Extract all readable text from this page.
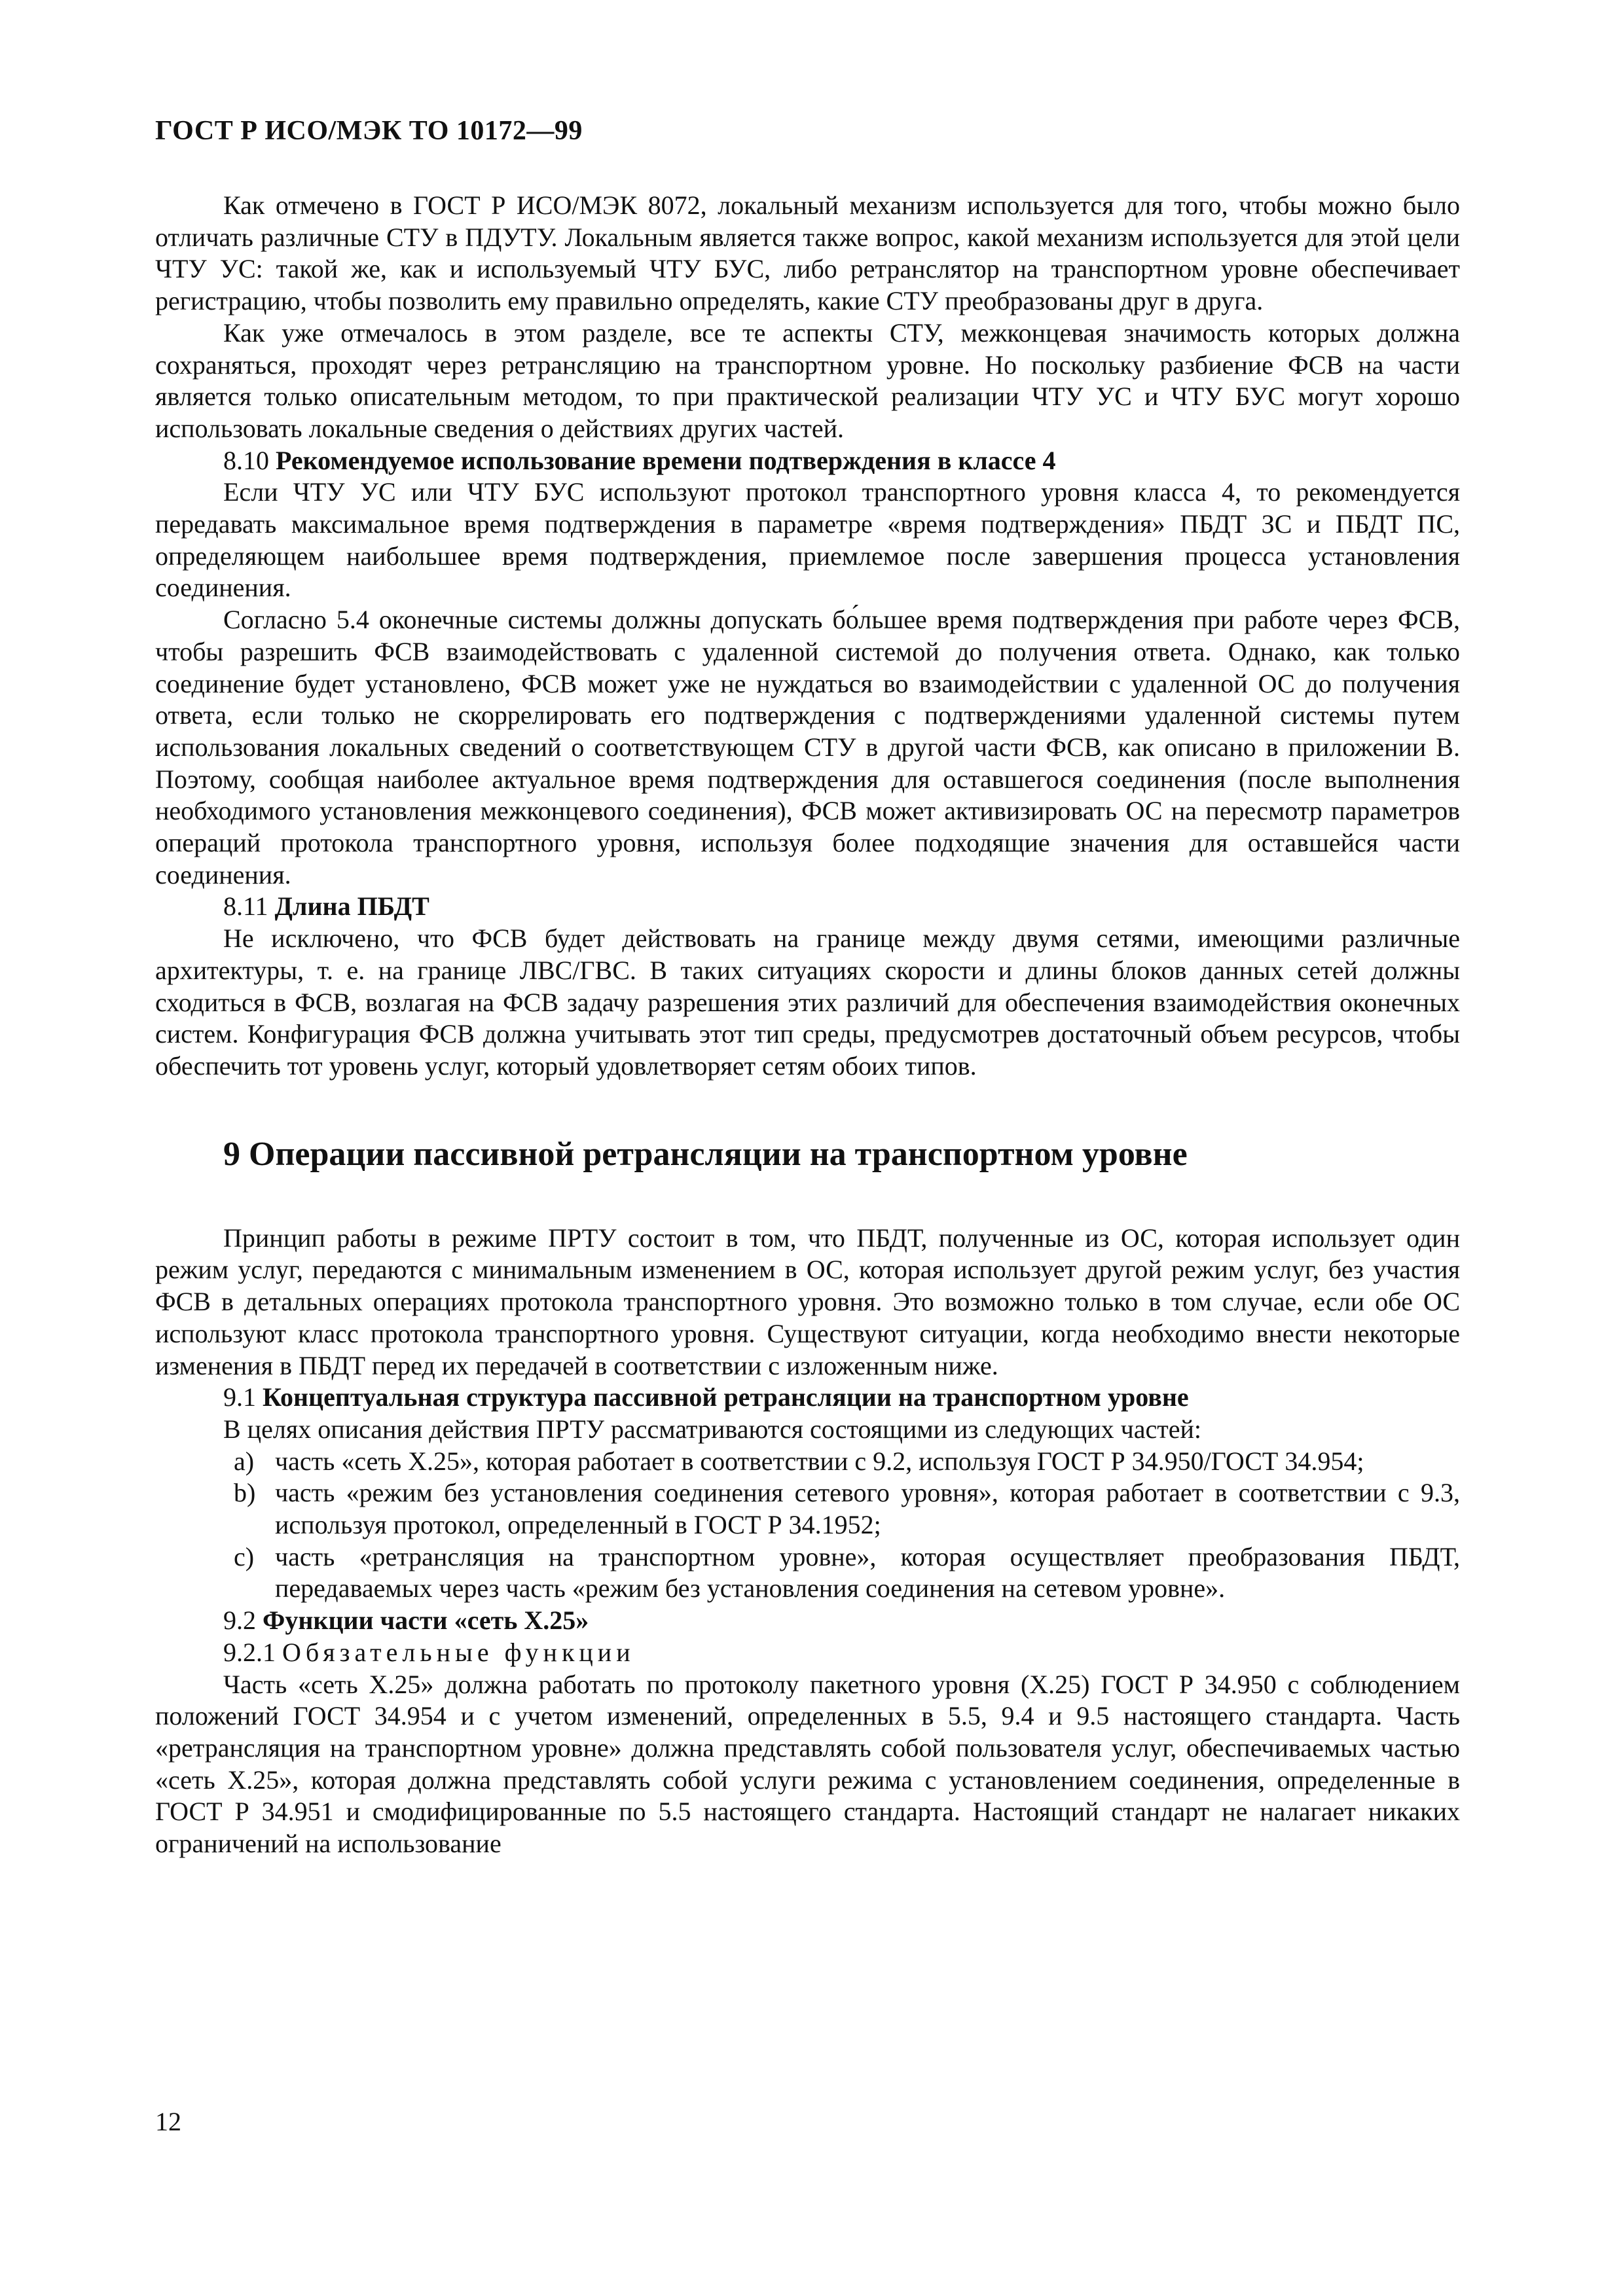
ГОСТ Р ИСО/МЭК ТО 10172—99

Как отмечено в ГОСТ Р ИСО/МЭК 8072, локальный механизм используется для того, чтобы можно было отличать различные СТУ в ПДУТУ. Локальным является также вопрос, какой механизм используется для этой цели ЧТУ УС: такой же, как и используемый ЧТУ БУС, либо ретранслятор на транспортном уровне обеспечивает регистрацию, чтобы позволить ему правильно определять, какие СТУ преобразованы друг в друга.

Как уже отмечалось в этом разделе, все те аспекты СТУ, межконцевая значимость которых должна сохраняться, проходят через ретрансляцию на транспортном уровне. Но поскольку разбиение ФСВ на части является только описательным методом, то при практической реализации ЧТУ УС и ЧТУ БУС могут хорошо использовать локальные сведения о действиях других частей.

8.10 Рекомендуемое использование времени подтверждения в классе 4

Если ЧТУ УС или ЧТУ БУС используют протокол транспортного уровня класса 4, то рекомендуется передавать максимальное время подтверждения в параметре «время подтверждения» ПБДТ ЗС и ПБДТ ПС, определяющем наибольшее время подтверждения, приемлемое после завершения процесса установления соединения.

Согласно 5.4 оконечные системы должны допускать бо́льшее время подтверждения при работе через ФСВ, чтобы разрешить ФСВ взаимодействовать с удаленной системой до получения ответа. Однако, как только соединение будет установлено, ФСВ может уже не нуждаться во взаимодействии с удаленной ОС до получения ответа, если только не скоррелировать его подтверждения с подтверждениями удаленной системы путем использования локальных сведений о соответствующем СТУ в другой части ФСВ, как описано в приложении В. Поэтому, сообщая наиболее актуальное время подтверждения для оставшегося соединения (после выполнения необходимого установления межконцевого соединения), ФСВ может активизировать ОС на пересмотр параметров операций протокола транспортного уровня, используя более подходящие значения для оставшейся части соединения.

8.11 Длина ПБДТ

Не исключено, что ФСВ будет действовать на границе между двумя сетями, имеющими различные архитектуры, т. е. на границе ЛВС/ГВС. В таких ситуациях скорости и длины блоков данных сетей должны сходиться в ФСВ, возлагая на ФСВ задачу разрешения этих различий для обеспечения взаимодействия оконечных систем. Конфигурация ФСВ должна учитывать этот тип среды, предусмотрев достаточный объем ресурсов, чтобы обеспечить тот уровень услуг, который удовлетворяет сетям обоих типов.

9 Операции пассивной ретрансляции на транспортном уровне

Принцип работы в режиме ПРТУ состоит в том, что ПБДТ, полученные из ОС, которая использует один режим услуг, передаются с минимальным изменением в ОС, которая использует другой режим услуг, без участия ФСВ в детальных операциях протокола транспортного уровня. Это возможно только в том случае, если обе ОС используют класс протокола транспортного уровня. Существуют ситуации, когда необходимо внести некоторые изменения в ПБДТ перед их передачей в соответствии с изложенным ниже.

9.1 Концептуальная структура пассивной ретрансляции на транспортном уровне

В целях описания действия ПРТУ рассматриваются состоящими из следующих частей:

a) часть «сеть Х.25», которая работает в соответствии с 9.2, используя ГОСТ Р 34.950/ГОСТ 34.954;
b) часть «режим без установления соединения сетевого уровня», которая работает в соответствии с 9.3, используя протокол, определенный в ГОСТ Р 34.1952;
c) часть «ретрансляция на транспортном уровне», которая осуществляет преобразования ПБДТ, передаваемых через часть «режим без установления соединения на сетевом уровне».

9.2 Функции части «сеть Х.25»

9.2.1 Обязательные функции

Часть «сеть Х.25» должна работать по протоколу пакетного уровня (Х.25) ГОСТ Р 34.950 с соблюдением положений ГОСТ 34.954 и с учетом изменений, определенных в 5.5, 9.4 и 9.5 настоящего стандарта. Часть «ретрансляция на транспортном уровне» должна представлять собой пользователя услуг, обеспечиваемых частью «сеть Х.25», которая должна представлять собой услуги режима с установлением соединения, определенные в ГОСТ Р 34.951 и смодифицированные по 5.5 настоящего стандарта. Настоящий стандарт не налагает никаких ограничений на использование

12
